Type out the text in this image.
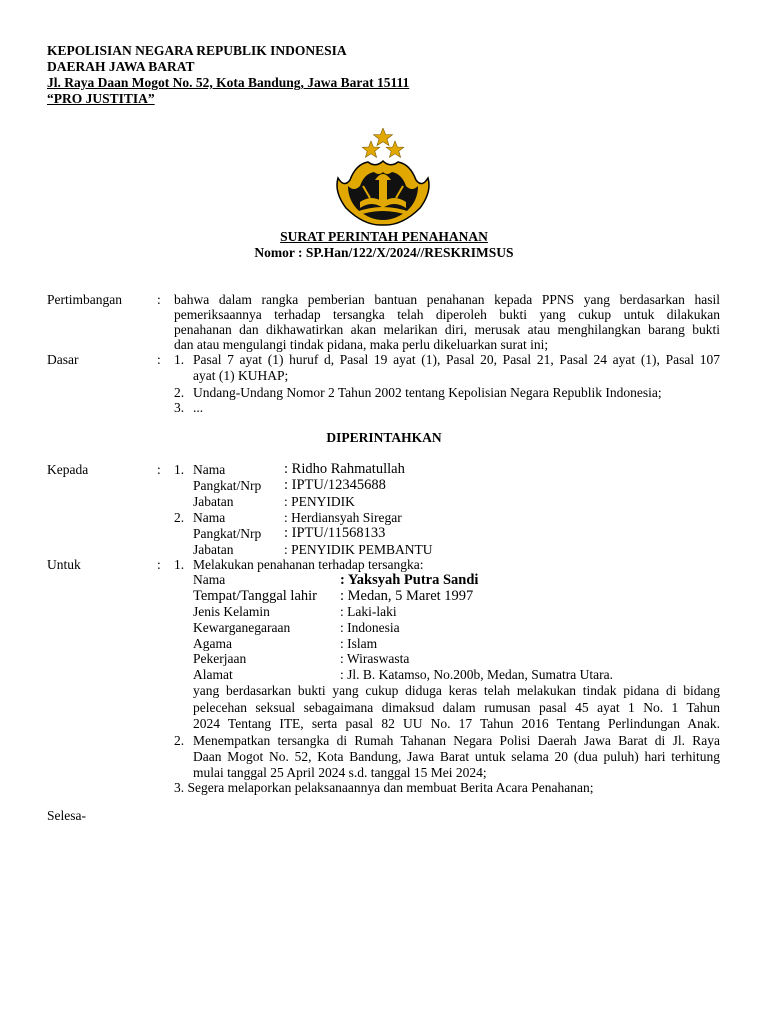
KEPOLISIAN NEGARA REPUBLIK INDONESIA
DAERAH JAWA BARAT
Jl. Raya Daan Mogot No. 52, Kota Bandung, Jawa Barat 15111
“PRO JUSTITIA”
SURAT PERINTAH PENAHANAN
Nomor : SP.Han/122/X/2024//RESKRIMSUS
Pertimbangan	: bahwa dalam rangka pemberian bantuan penahanan kepada PPNS yang berdasarkan hasil
pemeriksaannya terhadap tersangka telah diperoleh bukti yang cukup untuk dilakukan
penahanan dan dikhawatirkan akan melarikan diri, merusak atau menghilangkan barang bukti
dan atau mengulangi tindak pidana, maka perlu dikeluarkan surat ini;
Dasar	: 1. Pasal 7 ayat (1) huruf d, Pasal 19 ayat (1), Pasal 20, Pasal 21, Pasal 24 ayat (1), Pasal 107
ayat (1) KUHAP;
2. Undang-Undang Nomor 2 Tahun 2002 tentang Kepolisian Negara Republik Indonesia;
3. ...
DIPERINTAHKAN
Kepada	: 1. Nama	: Ridho Rahmatullah
Pangkat/Nrp : IPTU/12345688
Jabatan	: PENYIDIK
2. Nama	: Herdiansyah Siregar
Pangkat/Nrp : IPTU/11568133
Jabatan	: PENYIDIK PEMBANTU
Untuk	: 1. Melakukan penahanan terhadap tersangka:
Nama	: Yaksyah Putra Sandi
Tempat/Tanggal lahir : Medan, 5 Maret 1997
Jenis Kelamin	: Laki-laki
Kewarganegaraan	: Indonesia
Agama	: Islam
Pekerjaan	: Wiraswasta
Alamat	: Jl. B. Katamso, No.200b, Medan, Sumatra Utara.
yang berdasarkan bukti yang cukup diduga keras telah melakukan tindak pidana di bidang
pelecehan seksual sebagaimana dimaksud dalam rumusan pasal 45 ayat 1 No. 1 Tahun
2024 Tentang ITE, serta pasal 82 UU No. 17 Tahun 2016 Tentang Perlindungan Anak.
2. Menempatkan tersangka di Rumah Tahanan Negara Polisi Daerah Jawa Barat di Jl. Raya
Daan Mogot No. 52, Kota Bandung, Jawa Barat untuk selama 20 (dua puluh) hari terhitung
mulai tanggal 25 April 2024 s.d. tanggal 15 Mei 2024;
3. Segera melaporkan pelaksanaannya dan membuat Berita Acara Penahanan;
Selesa-
